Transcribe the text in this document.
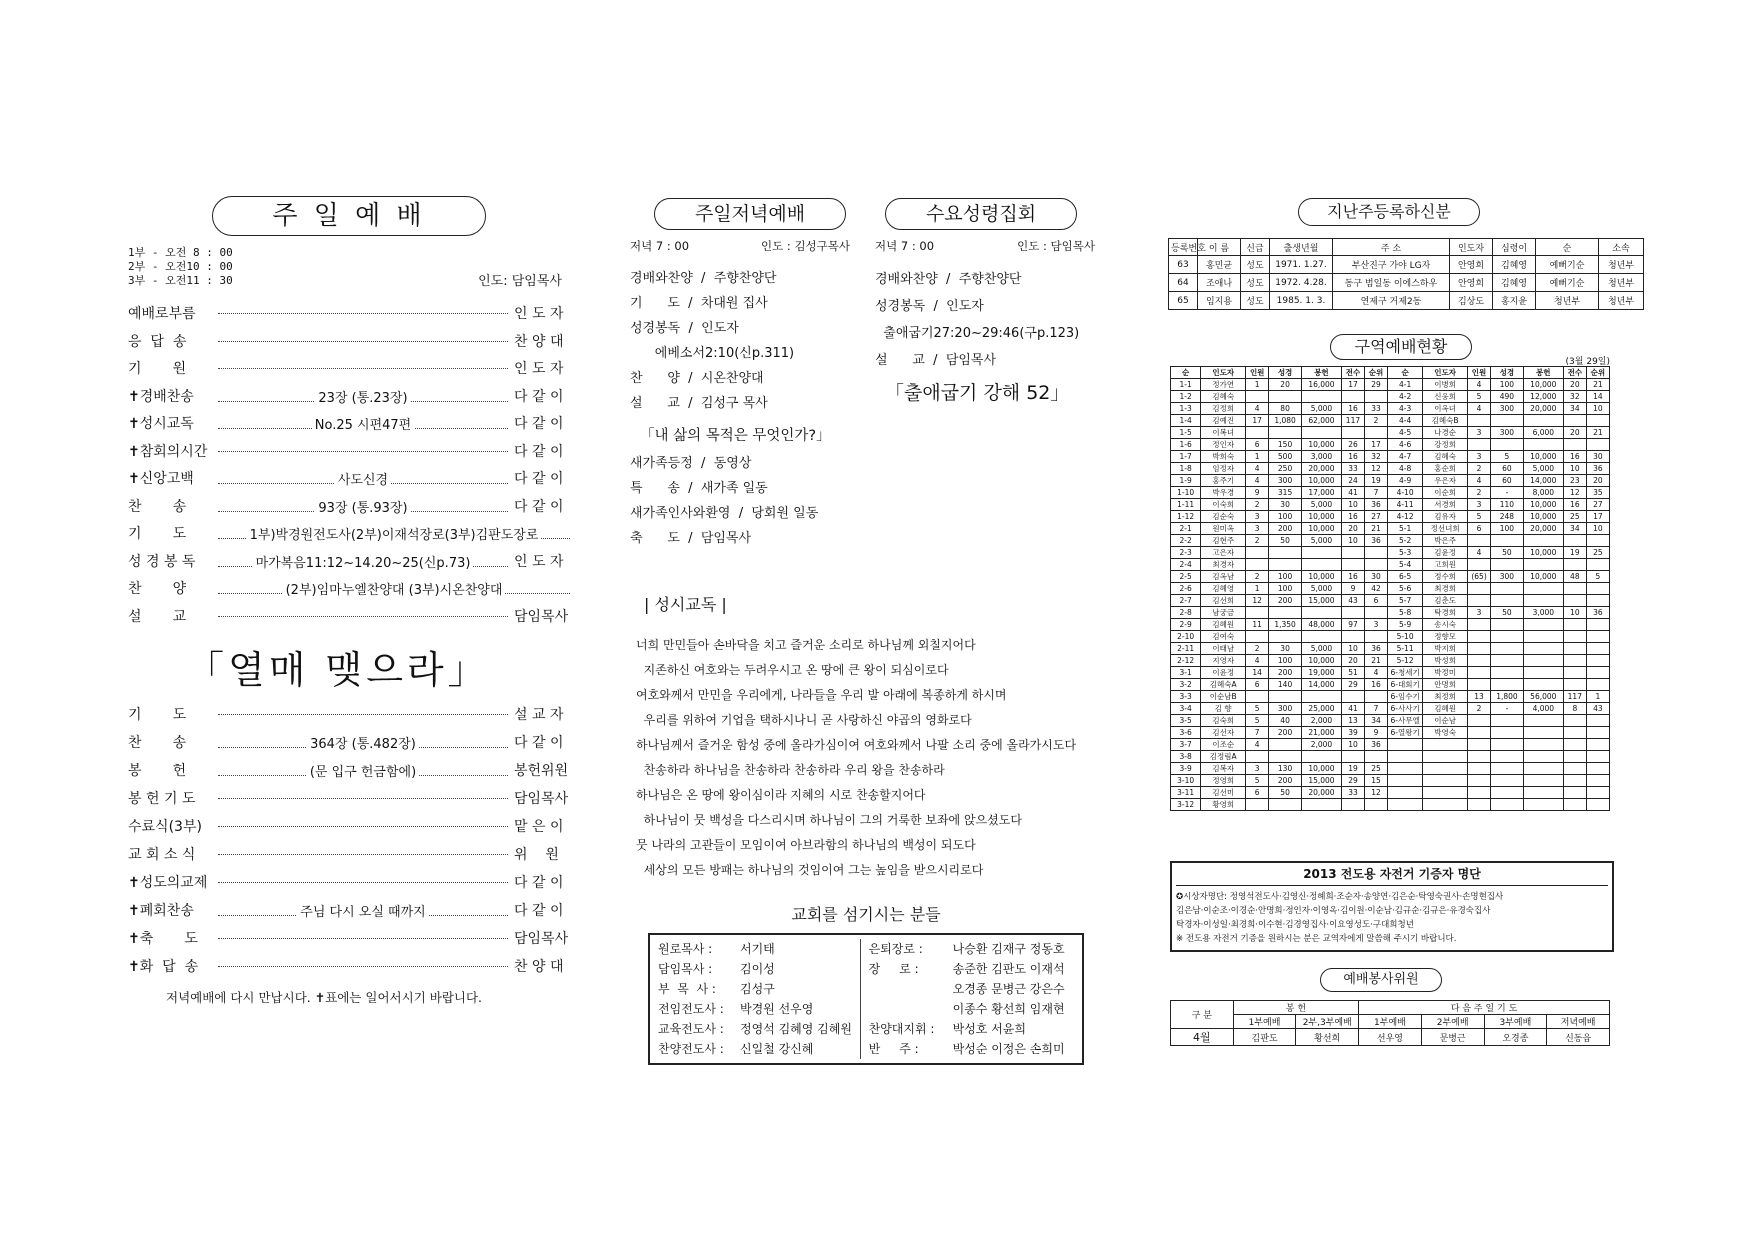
주 일 예 배
1부 - 오전 8 : 00
2부 - 오전10 : 00
3부 - 오전11 : 30	인도: 담임목사
예배로부름	인 도 자
응  답  송	찬 양 대
기       원	인 도 자
✝경배찬송	23장 (통.23장)	다 같 이
✝성시교독	No.25 시편47편	다 같 이
✝참회의시간	다 같 이
✝신앙고백	사도신경	다 같 이
찬       송	93장 (통.93장)	다 같 이
기       도	1부)박경원전도사(2부)이재석장로(3부)김판도장로
성 경 봉 독	마가복음11:12~14.20~25(신p.73)	인 도 자
찬       양	(2부)임마누엘찬양대 (3부)시온찬양대
설       교	담임목사
「열매 맺으라」
기       도	설 교 자
찬       송	364장 (통.482장)	다 같 이
봉       헌	(문 입구 헌금함에)	봉헌위원
봉 헌 기 도	담임목사
수료식(3부)	맡 은 이
교 회 소 식	위    원
✝성도의교제	다 같 이
✝폐회찬송	주님 다시 오실 때까지	다 같 이
✝축       도	담임목사
✝화  답  송	찬 양 대
저녁예배에 다시 만납시다. ✝표에는 일어서시기 바랍니다.
주일저녁예배
저녁 7 : 00	인도 : 김성구목사
경배와찬양  /  주향찬양단
기      도  /  차대원 집사
성경봉독  /  인도자
에베소서2:10(신p.311)
찬      양  /  시온찬양대
설      교  /  김성구 목사
「내 삶의 목적은 무엇인가?」
새가족등정  /  동영상
특      송  /  새가족 일동
새가족인사와환영  /  당회원 일동
축      도  /  담임목사
수요성령집회
저녁 7 : 00	인도 : 담임목사
경배와찬양  /  주향찬양단
성경봉독  /  인도자
출애굽기27:20~29:46(구p.123)
설      교  /  담임목사
「출애굽기 강해 52」
| 성시교독 |
너희 만민들아 손바닥을 치고 즐거운 소리로 하나님께 외칠지어다
지존하신 여호와는 두려우시고 온 땅에 큰 왕이 되심이로다
여호와께서 만민을 우리에게, 나라들을 우리 발 아래에 복종하게 하시며
우리를 위하여 기업을 택하시나니 곧 사랑하신 야곱의 영화로다
하나님께서 즐거운 함성 중에 올라가심이여 여호와께서 나팔 소리 중에 올라가시도다
찬송하라 하나님을 찬송하라 찬송하라 우리 왕을 찬송하라
하나님은 온 땅에 왕이심이라 지혜의 시로 찬송할지어다
하나님이 뭇 백성을 다스리시며 하나님이 그의 거룩한 보좌에 앉으셨도다
뭇 나라의 고관들이 모임이여 아브라함의 하나님의 백성이 되도다
세상의 모든 방패는 하나님의 것임이여 그는 높임을 받으시리로다
교회를 섬기시는 분들
원로목사 :	서기태
담임목사 :	김이성
부  목  사 :	김성구
전임전도사 :	박경원 선우영
교육전도사 :	정영석 김혜영 김혜원
찬양전도사 :	신일철 강신혜
은퇴장로 :	나승환 김재구 정동호
장     로 :	송준한 김판도 이재석
오경종 문병근 강은수
이종수 황선희 임재현
찬양대지휘 :	박성호 서윤희
반     주 :	박성순 이정은 손희미
지난주등록하신분
등록번호	이 름	신급	출생년월	주 소	인도자	심령이	순	소속
63	홍민균	성도	1971. 1.27.	부산진구 가야 LG자	안영희	김혜영	예뻐기순	청년부
64	조애나	성도	1972. 4.28.	동구 범일동 이에스하우	안영희	김혜영	예뻐기순	청년부
65	임지용	성도	1985. 1. 3.	연제구 거제2동	김상도	홍지윤	청년부	청년부
구역예배현황
(3월 29일)
순	인도자	인원	성경	봉헌	전수	순위	순	인도자	인원	성경	봉헌	전수	순위
1-1	정가연	1	20	16,000	17	29	4-1	이병희	4	100	10,000	20	21
1-2	김혜숙						4-2	신웅희	5	490	12,000	32	14
1-3	김정희	4	80	5,000	16	33	4-3	이옥녀	4	300	20,000	34	10
1-4	김예진	17	1,080	62,000	117	2	4-4	김혜숙B					
1-5	이복녀						4-5	나경순	3	300	6,000	20	21
1-6	정인자	6	150	10,000	26	17	4-6	강정희					
1-7	박희숙	1	500	3,000	16	32	4-7	김혜숙	3	5	10,000	16	30
1-8	임정자	4	250	20,000	33	12	4-8	홍순희	2	60	5,000	10	36
1-9	홍주기	4	300	10,000	24	19	4-9	우은자	4	60	14,000	23	20
1-10	박우경	9	315	17,000	41	7	4-10	이순희	2	-	8,000	12	35
1-11	이숙희	2	30	5,000	10	36	4-11	서경희	3	110	10,000	16	27
1-12	김순숙	3	100	10,000	16	27	4-12	김유자	5	248	10,000	25	17
2-1	원미옥	3	200	10,000	20	21	5-1	정선녀희	6	100	20,000	34	10
2-2	김현주	2	50	5,000	10	36	5-2	박은주					
2-3	고은자						5-3	김윤정	4	50	10,000	19	25
2-4	최경자						5-4	고희원					
2-5	김옥남	2	100	10,000	16	30	6-5	정수희	(65)	300	10,000	48	5
2-6	김혜영	1	100	5,000	9	42	5-6	최경희					
2-7	김선희	12	200	15,000	43	6	5-7	김춘도					
2-8	남궁금						5-8	탁경희	3	50	3,000	10	36
2-9	김혜원	11	1,350	48,000	97	3	5-9	송시숙					
2-10	김여숙						5-10	정향모					
2-11	이태남	2	30	5,000	10	36	5-11	박지희					
2-12	지영자	4	100	10,000	20	21	5-12	박성희					
3-1	이윤정	14	200	19,000	51	4	6-청세기	박정미					
3-2	김혜숙A	6	140	14,000	29	16	6-대회기	안명희					
3-3	이순남B						6-임수기	최정희	13	1,800	56,000	117	1
3-4	김 향	5	300	25,000	41	7	6-사사기	김혜원	2	-	4,000	8	43
3-5	김숙희	5	40	2,000	13	34	6-사무엘	이순남					
3-6	김선자	7	200	21,000	39	9	6-열왕기	박영숙					
3-7	이조순	4		2,000	10	36							
3-8	김정림A												
3-9	김복자	3	130	10,000	19	25							
3-10	정영희	5	200	15,000	29	15							
3-11	김선미	6	50	20,000	33	12							
3-12	황영희												
2013 전도용 자전거 기증자 명단
✪시상자명단: 정영석전도사·김영신·정혜희·조순자·송양연·김은순·탁영숙권사·손명현집사
김은남·이순조·이경순·안명희·정인자·이영옥·김이원·이순남·김규순·김규은·유경숙집사
탁경자·이성일·최경희·이수현·김경영집사·이요영성도·구대희청년
※ 전도용 자전거 기증을 원하시는 분은 교역자에게 말씀해 주시기 바랍니다.
예배봉사위원
구 분	봉 헌		다 음 주 일 기 도			
	1부예배	2부,3부예배	1부예배	2부예배	3부예배	저녁예배
4월	김판도	황선희	선우영	문병근	오경종	신동읍
